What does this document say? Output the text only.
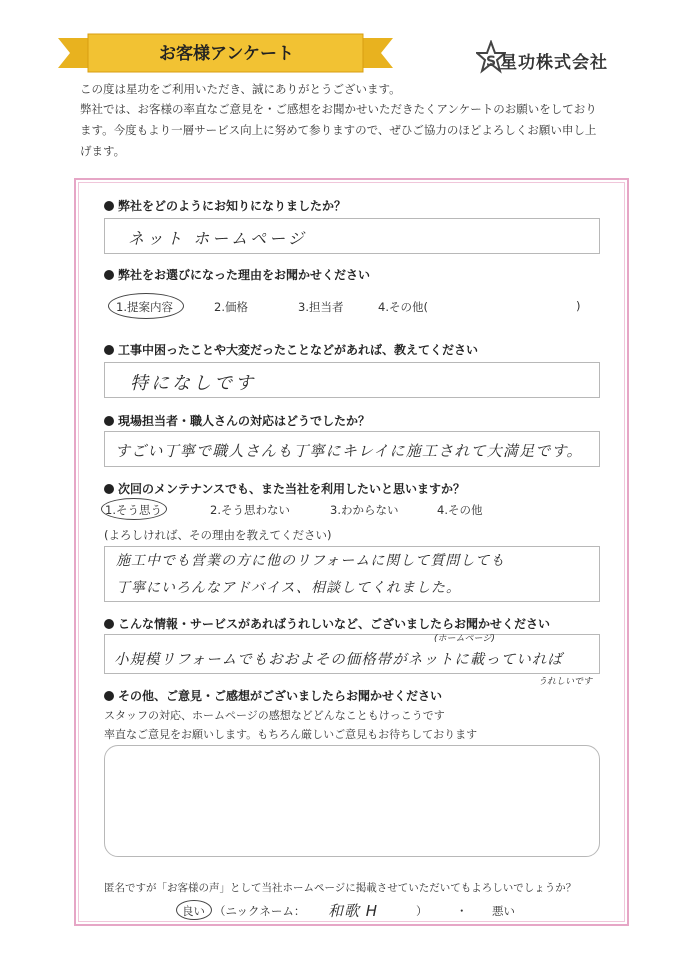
お客様アンケート	S 星功株式会社
この度は星功をご利用いただき、誠にありがとうございます。
弊社では、お客様の率直なご意見を・ご感想をお聞かせいただきたくアンケートのお願いをしており
ます。今度もより一層サービス向上に努めて参りますので、ぜひご協力のほどよろしくお願い申し上
げます。
弊社をどのようにお知りになりましたか？
ネット ホームページ
弊社をお選びになった理由をお聞かせください
1.提案内容	2.価格	3.担当者	4.その他(	)
工事中困ったことや大変だったことなどがあれば、教えてください
特になしです
現場担当者・職人さんの対応はどうでしたか？
すごい丁寧で職人さんも丁寧にキレイに施工されて大満足です。
次回のメンテナンスでも、また当社を利用したいと思いますか？
1.そう思う	2.そう思わない	3.わからない	4.その他
(よろしければ、その理由を教えてください)
施工中でも営業の方に他のリフォームに関して質問しても
丁寧にいろんなアドバイス、相談してくれました。
こんな情報・サービスがあればうれしいなど、ございましたらお聞かせください
(ホームページ)
小規模リフォームでもおおよその価格帯がネットに載っていれば
うれしいです
その他、ご意見・ご感想がございましたらお聞かせください
スタッフの対応、ホームページの感想などどんなこともけっこうです
率直なご意見をお願いします。もちろん厳しいご意見もお待ちしております
匿名ですが「お客様の声」として当社ホームページに掲載させていただいてもよろしいでしょうか？
良い （ニックネーム： 和歌 H	） ・ 悪い
